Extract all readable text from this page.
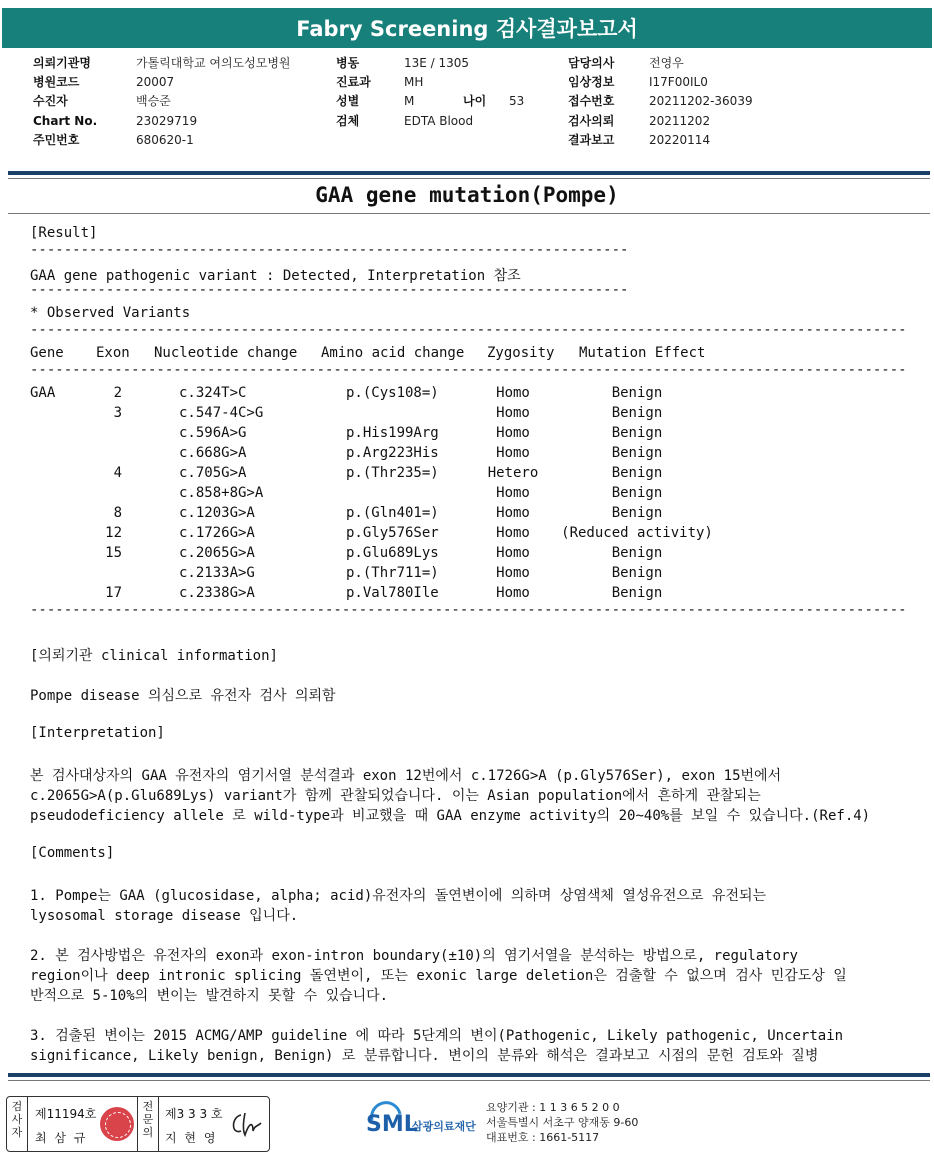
Fabry Screening 검사결과보고서
의뢰기관명	가톨릭대학교 여의도성모병원
병원코드	20007
수진자	백승준
Chart No.	23029719
주민번호	680620-1
병동	13E / 1305
진료과	MH
성별	M
검체	EDTA Blood
담당의사	전영우
임상정보	I17F00IL0
접수번호	20211202-36039
검사의뢰	20211202
결과보고	20220114
나이	53
GAA gene mutation(Pompe)
[Result]
-----------------------------------------------------------------------
GAA gene pathogenic variant : Detected, Interpretation 참조
-----------------------------------------------------------------------
* Observed Variants
--------------------------------------------------------------------------------------------------------
Gene Exon Nucleotide change Amino acid change Zygosity Mutation Effect
--------------------------------------------------------------------------------------------------------
GAA	2	c.324T>C	p.(Cys108=)	Homo	Benign
3	c.547-4C>G	Homo	Benign
c.596A>G	p.His199Arg	Homo	Benign
c.668G>A	p.Arg223His	Homo	Benign
4	c.705G>A	p.(Thr235=)	Hetero	Benign
c.858+8G>A	Homo	Benign
8	c.1203G>A	p.(Gln401=)	Homo	Benign
12	c.1726G>A	p.Gly576Ser	Homo	(Reduced activity)
15	c.2065G>A	p.Glu689Lys	Homo	Benign
c.2133A>G	p.(Thr711=)	Homo	Benign
17	c.2338G>A	p.Val780Ile	Homo	Benign
--------------------------------------------------------------------------------------------------------
[의뢰기관 clinical information]
Pompe disease 의심으로 유전자 검사 의뢰함
[Interpretation]
본 검사대상자의 GAA 유전자의 염기서열 분석결과 exon 12번에서 c.1726G>A (p.Gly576Ser), exon 15번에서
c.2065G>A(p.Glu689Lys) variant가 함께 관찰되었습니다. 이는 Asian population에서 흔하게 관찰되는
pseudodeficiency allele 로 wild-type과 비교했을 때 GAA enzyme activity의 20~40%를 보일 수 있습니다.(Ref.4)
[Comments]
1. Pompe는 GAA (glucosidase, alpha; acid)유전자의 돌연변이에 의하며 상염색체 열성유전으로 유전되는
lysosomal storage disease 입니다.
2. 본 검사방법은 유전자의 exon과 exon-intron boundary(±10)의 염기서열을 분석하는 방법으로, regulatory
region이나 deep intronic splicing 돌연변이, 또는 exonic large deletion은 검출할 수 없으며 검사 민감도상 일
반적으로 5-10%의 변이는 발견하지 못할 수 있습니다.
3. 검출된 변이는 2015 ACMG/AMP guideline 에 따라 5단계의 변이(Pathogenic, Likely pathogenic, Uncertain
significance, Likely benign, Benign) 로 분류합니다. 변이의 분류와 해석은 결과보고 시점의 문헌 검토와 질병
검사자
제11194호
최 삼 규
전문의
제3 3 3 호
지 현 영
SML
삼광의료재단
요양기관 : 1 1 3 6 5 2 0 0
서울특별시 서초구 양재동 9-60
대표번호 : 1661-5117
